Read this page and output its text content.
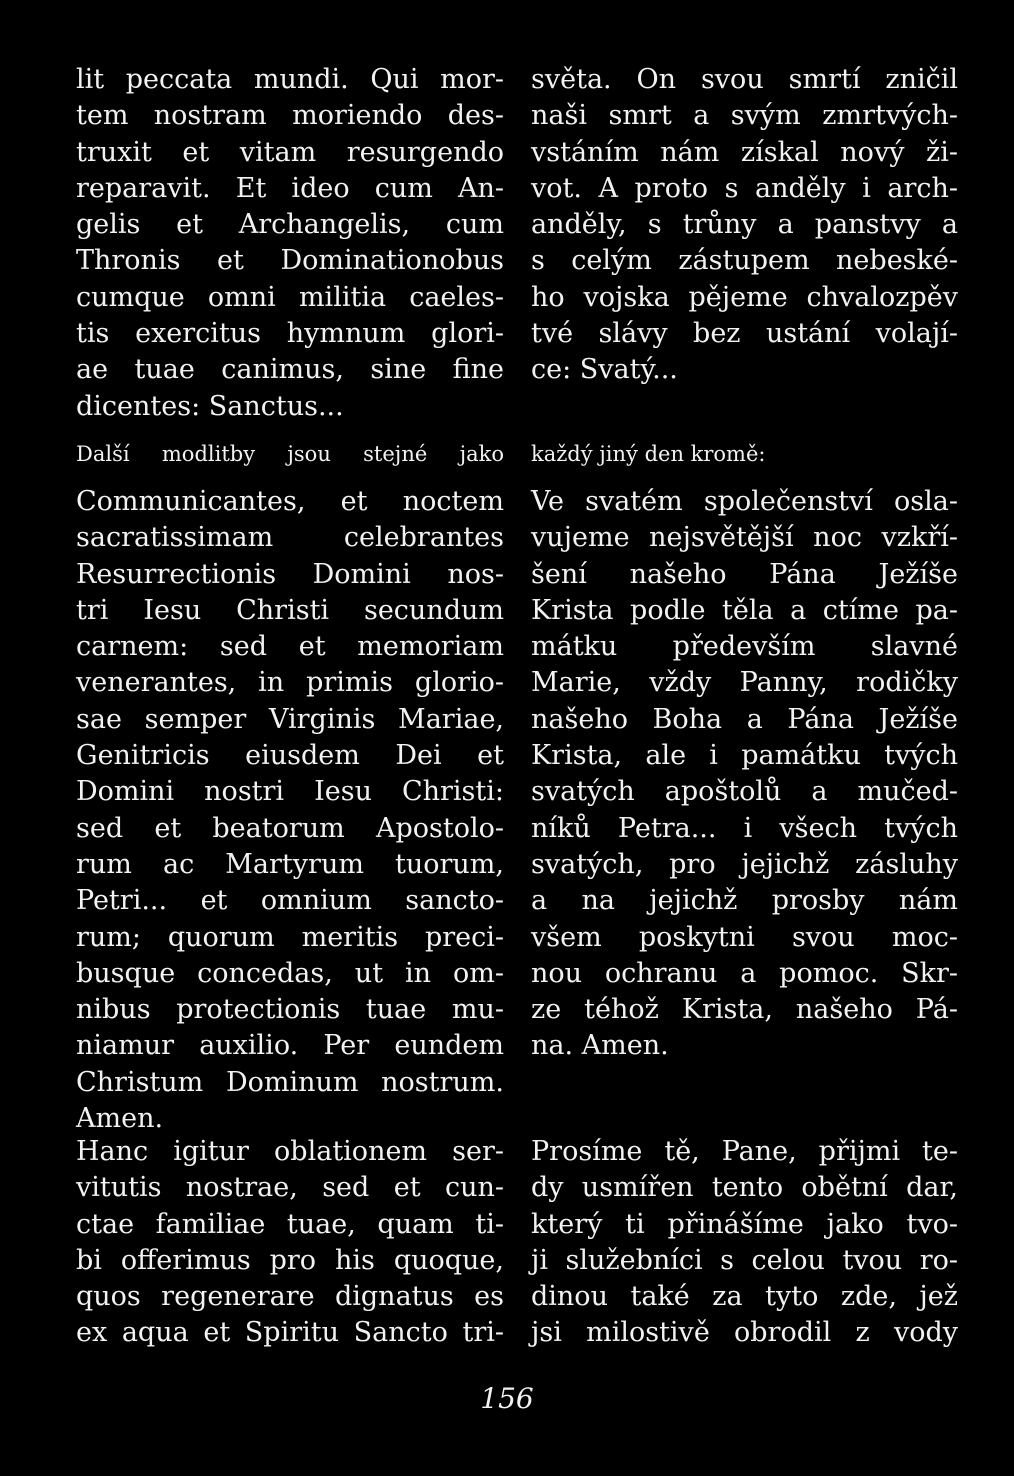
lit peccata mundi. Qui mor-
tem nostram moriendo des-
truxit et vitam resurgendo
reparavit. Et ideo cum An-
gelis et Archangelis, cum
Thronis et Dominationobus
cumque omni militia caeles-
tis exercitus hymnum glori-
ae tuae canimus, sine fine
dicentes: Sanctus...
Další modlitby jsou stejné jako každý jiný den kromě:
Communicantes, et noctem
sacratissimam celebrantes
Resurrectionis Domini nos-
tri Iesu Christi secundum
carnem: sed et memoriam
venerantes, in primis glorio-
sae semper Virginis Mariae,
Genitricis eiusdem Dei et
Domini nostri Iesu Christi:
sed et beatorum Apostolo-
rum ac Martyrum tuorum,
Petri... et omnium sancto-
rum; quorum meritis preci-
busque concedas, ut in om-
nibus protectionis tuae mu-
niamur auxilio. Per eundem
Christum Dominum nostrum.
Amen.
Hanc igitur oblationem ser-
vitutis nostrae, sed et cun-
ctae familiae tuae, quam ti-
bi offerimus pro his quoque,
quos regenerare dignatus es
ex aqua et Spiritu Sancto tri-
světa. On svou smrtí zničil
naši smrt a svým zmrtvých-
vstáním nám získal nový ži-
vot. A proto s anděly i arch-
anděly, s trůny a panstvy a
s celým zástupem nebeské-
ho vojska pějeme chvalozpěv
tvé slávy bez ustání volají-
ce: Svatý...
Ve svatém společenství osla-
vujeme nejsvětější noc vzkří-
šení našeho Pána Ježíše
Krista podle těla a ctíme pa-
mátku především slavné
Marie, vždy Panny, rodičky
našeho Boha a Pána Ježíše
Krista, ale i památku tvých
svatých apoštolů a mučed-
níků Petra... i všech tvých
svatých, pro jejichž zásluhy
a na jejichž prosby nám
všem poskytni svou moc-
nou ochranu a pomoc. Skr-
ze téhož Krista, našeho Pá-
na. Amen.
Prosíme tě, Pane, přijmi te-
dy usmířen tento obětní dar,
který ti přinášíme jako tvo-
ji služebníci s celou tvou ro-
dinou také za tyto zde, jež
jsi milostivě obrodil z vody
156
